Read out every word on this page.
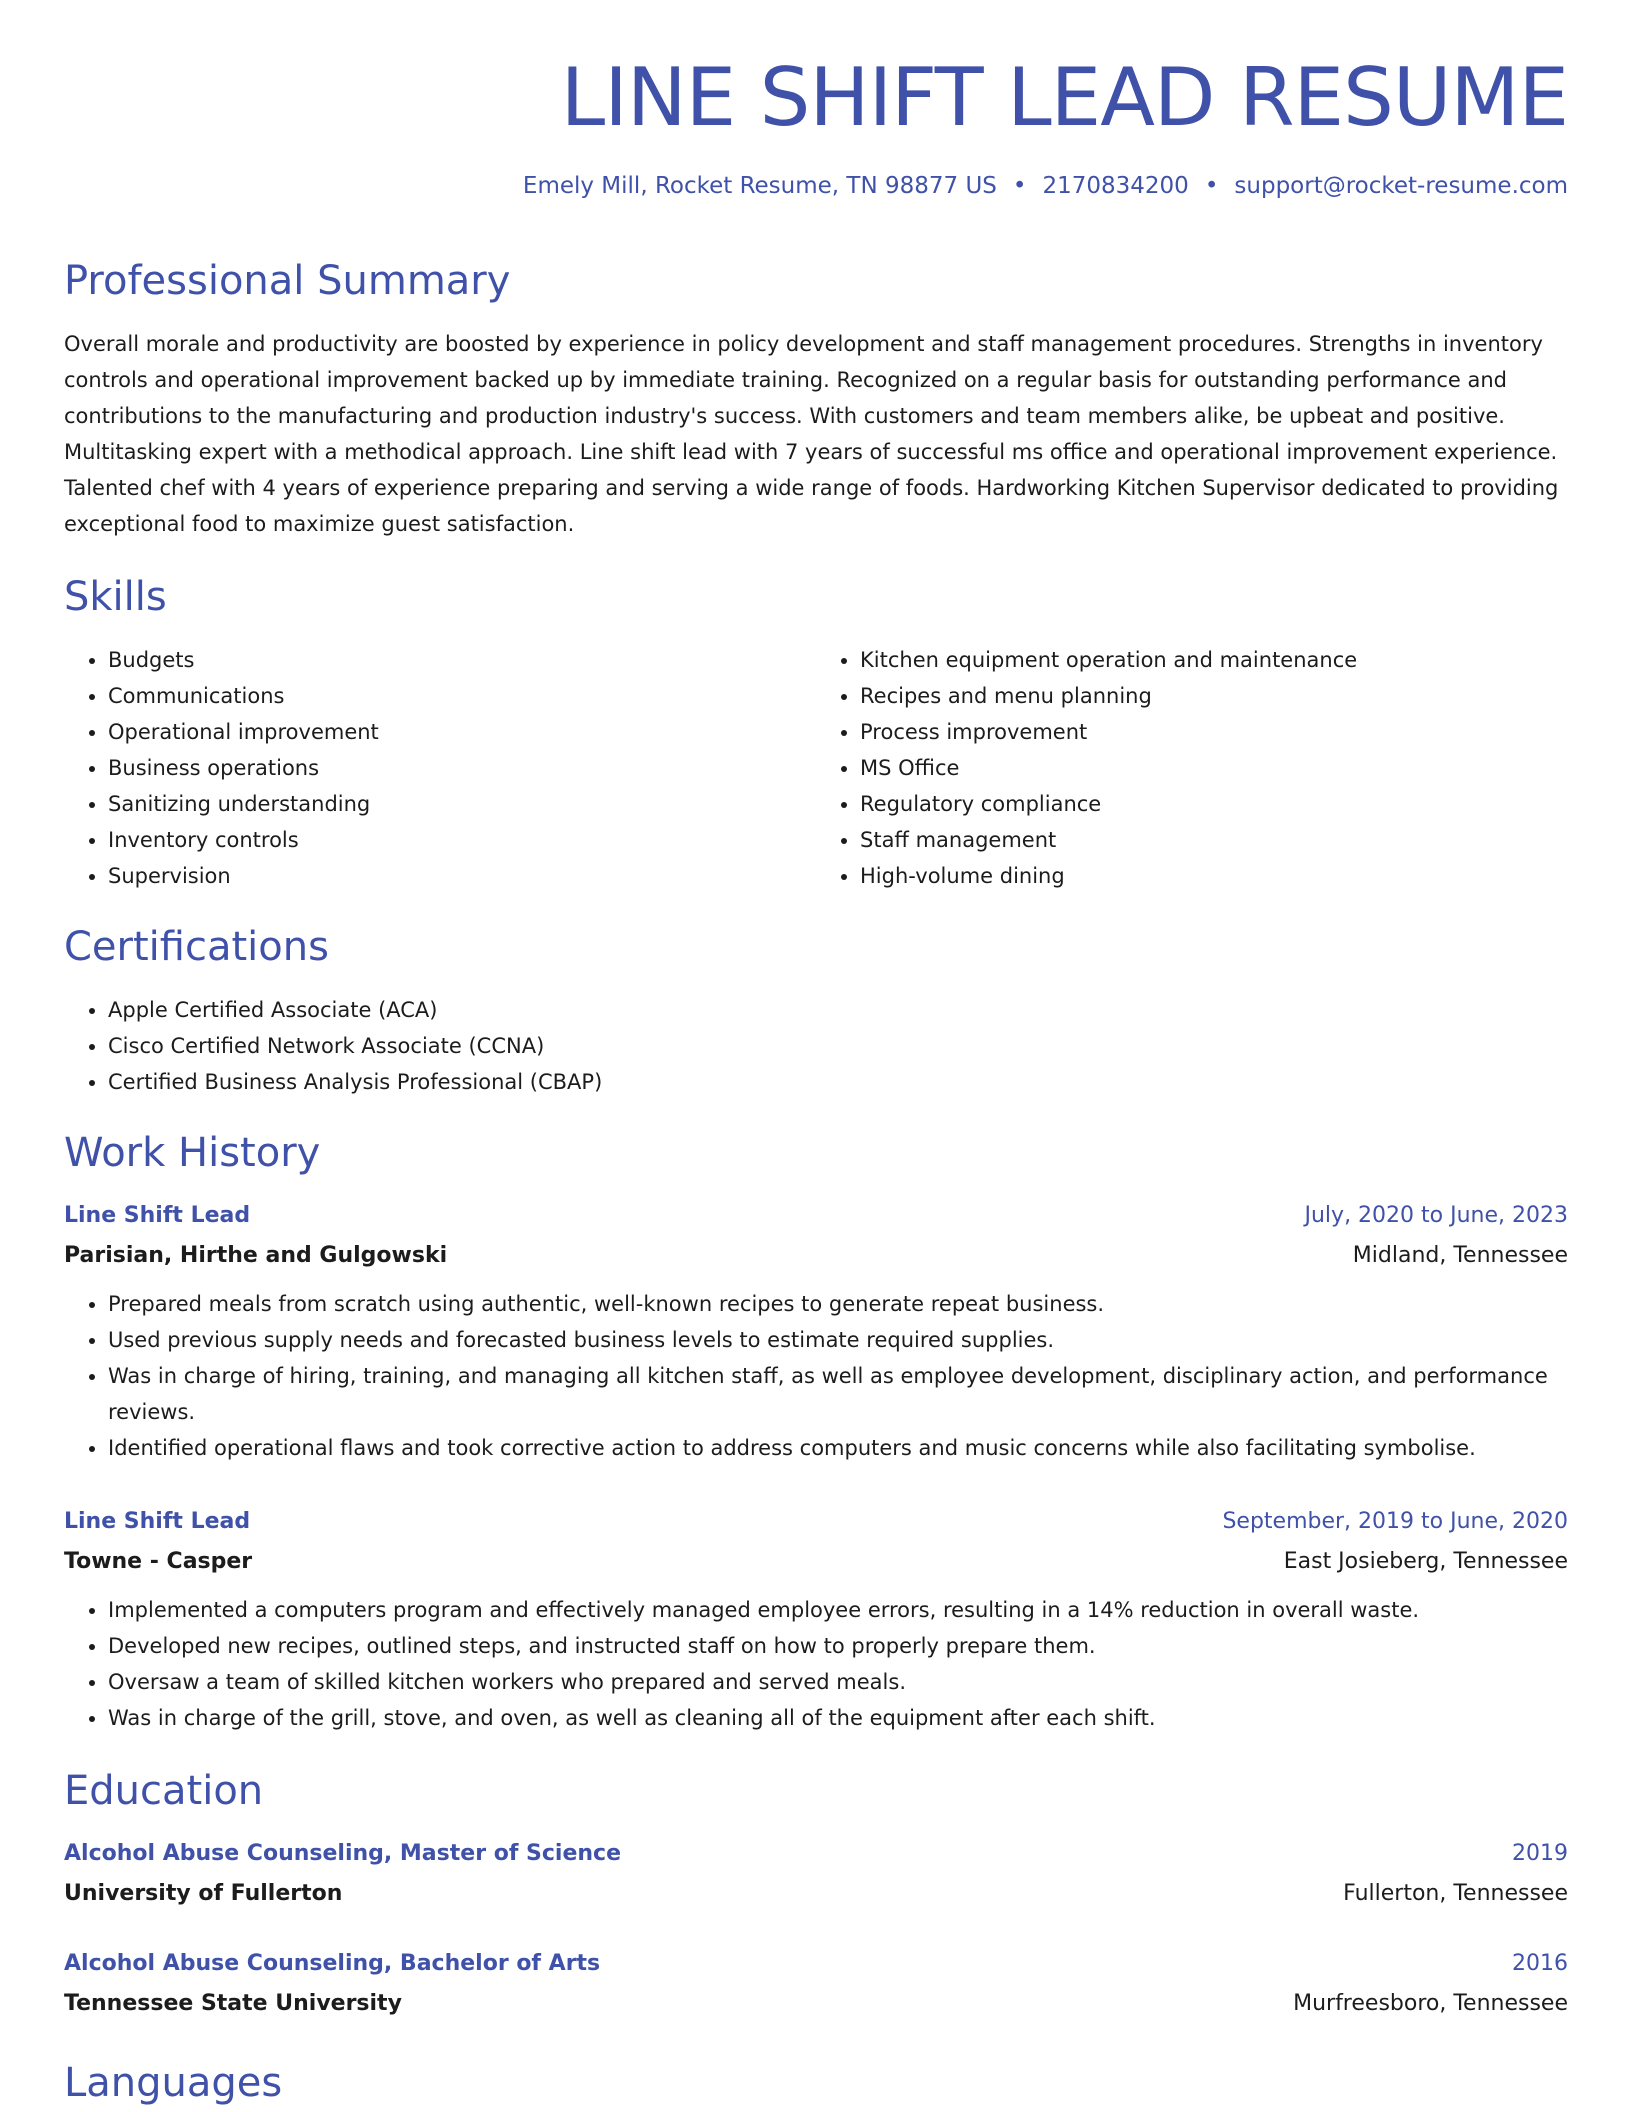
LINE SHIFT LEAD RESUME
Emely Mill, Rocket Resume, TN 98877 US • 2170834200 • support@rocket-resume.com
Professional Summary
Overall morale and productivity are boosted by experience in policy development and staff management procedures. Strengths in inventory controls and operational improvement backed up by immediate training. Recognized on a regular basis for outstanding performance and contributions to the manufacturing and production industry's success. With customers and team members alike, be upbeat and positive. Multitasking expert with a methodical approach. Line shift lead with 7 years of successful ms office and operational improvement experience. Talented chef with 4 years of experience preparing and serving a wide range of foods. Hardworking Kitchen Supervisor dedicated to providing exceptional food to maximize guest satisfaction.
Skills
• Budgets
• Communications
• Operational improvement
• Business operations
• Sanitizing understanding
• Inventory controls
• Supervision
• Kitchen equipment operation and maintenance
• Recipes and menu planning
• Process improvement
• MS Office
• Regulatory compliance
• Staff management
• High-volume dining
Certifications
• Apple Certified Associate (ACA)
• Cisco Certified Network Associate (CCNA)
• Certified Business Analysis Professional (CBAP)
Work History
Line Shift Lead	July, 2020 to June, 2023
Parisian, Hirthe and Gulgowski	Midland, Tennessee
• Prepared meals from scratch using authentic, well-known recipes to generate repeat business.
• Used previous supply needs and forecasted business levels to estimate required supplies.
• Was in charge of hiring, training, and managing all kitchen staff, as well as employee development, disciplinary action, and performance reviews.
• Identified operational flaws and took corrective action to address computers and music concerns while also facilitating symbolise.
Line Shift Lead	September, 2019 to June, 2020
Towne - Casper	East Josieberg, Tennessee
• Implemented a computers program and effectively managed employee errors, resulting in a 14% reduction in overall waste.
• Developed new recipes, outlined steps, and instructed staff on how to properly prepare them.
• Oversaw a team of skilled kitchen workers who prepared and served meals.
• Was in charge of the grill, stove, and oven, as well as cleaning all of the equipment after each shift.
Education
Alcohol Abuse Counseling, Master of Science	2019
University of Fullerton	Fullerton, Tennessee
Alcohol Abuse Counseling, Bachelor of Arts	2016
Tennessee State University	Murfreesboro, Tennessee
Languages
